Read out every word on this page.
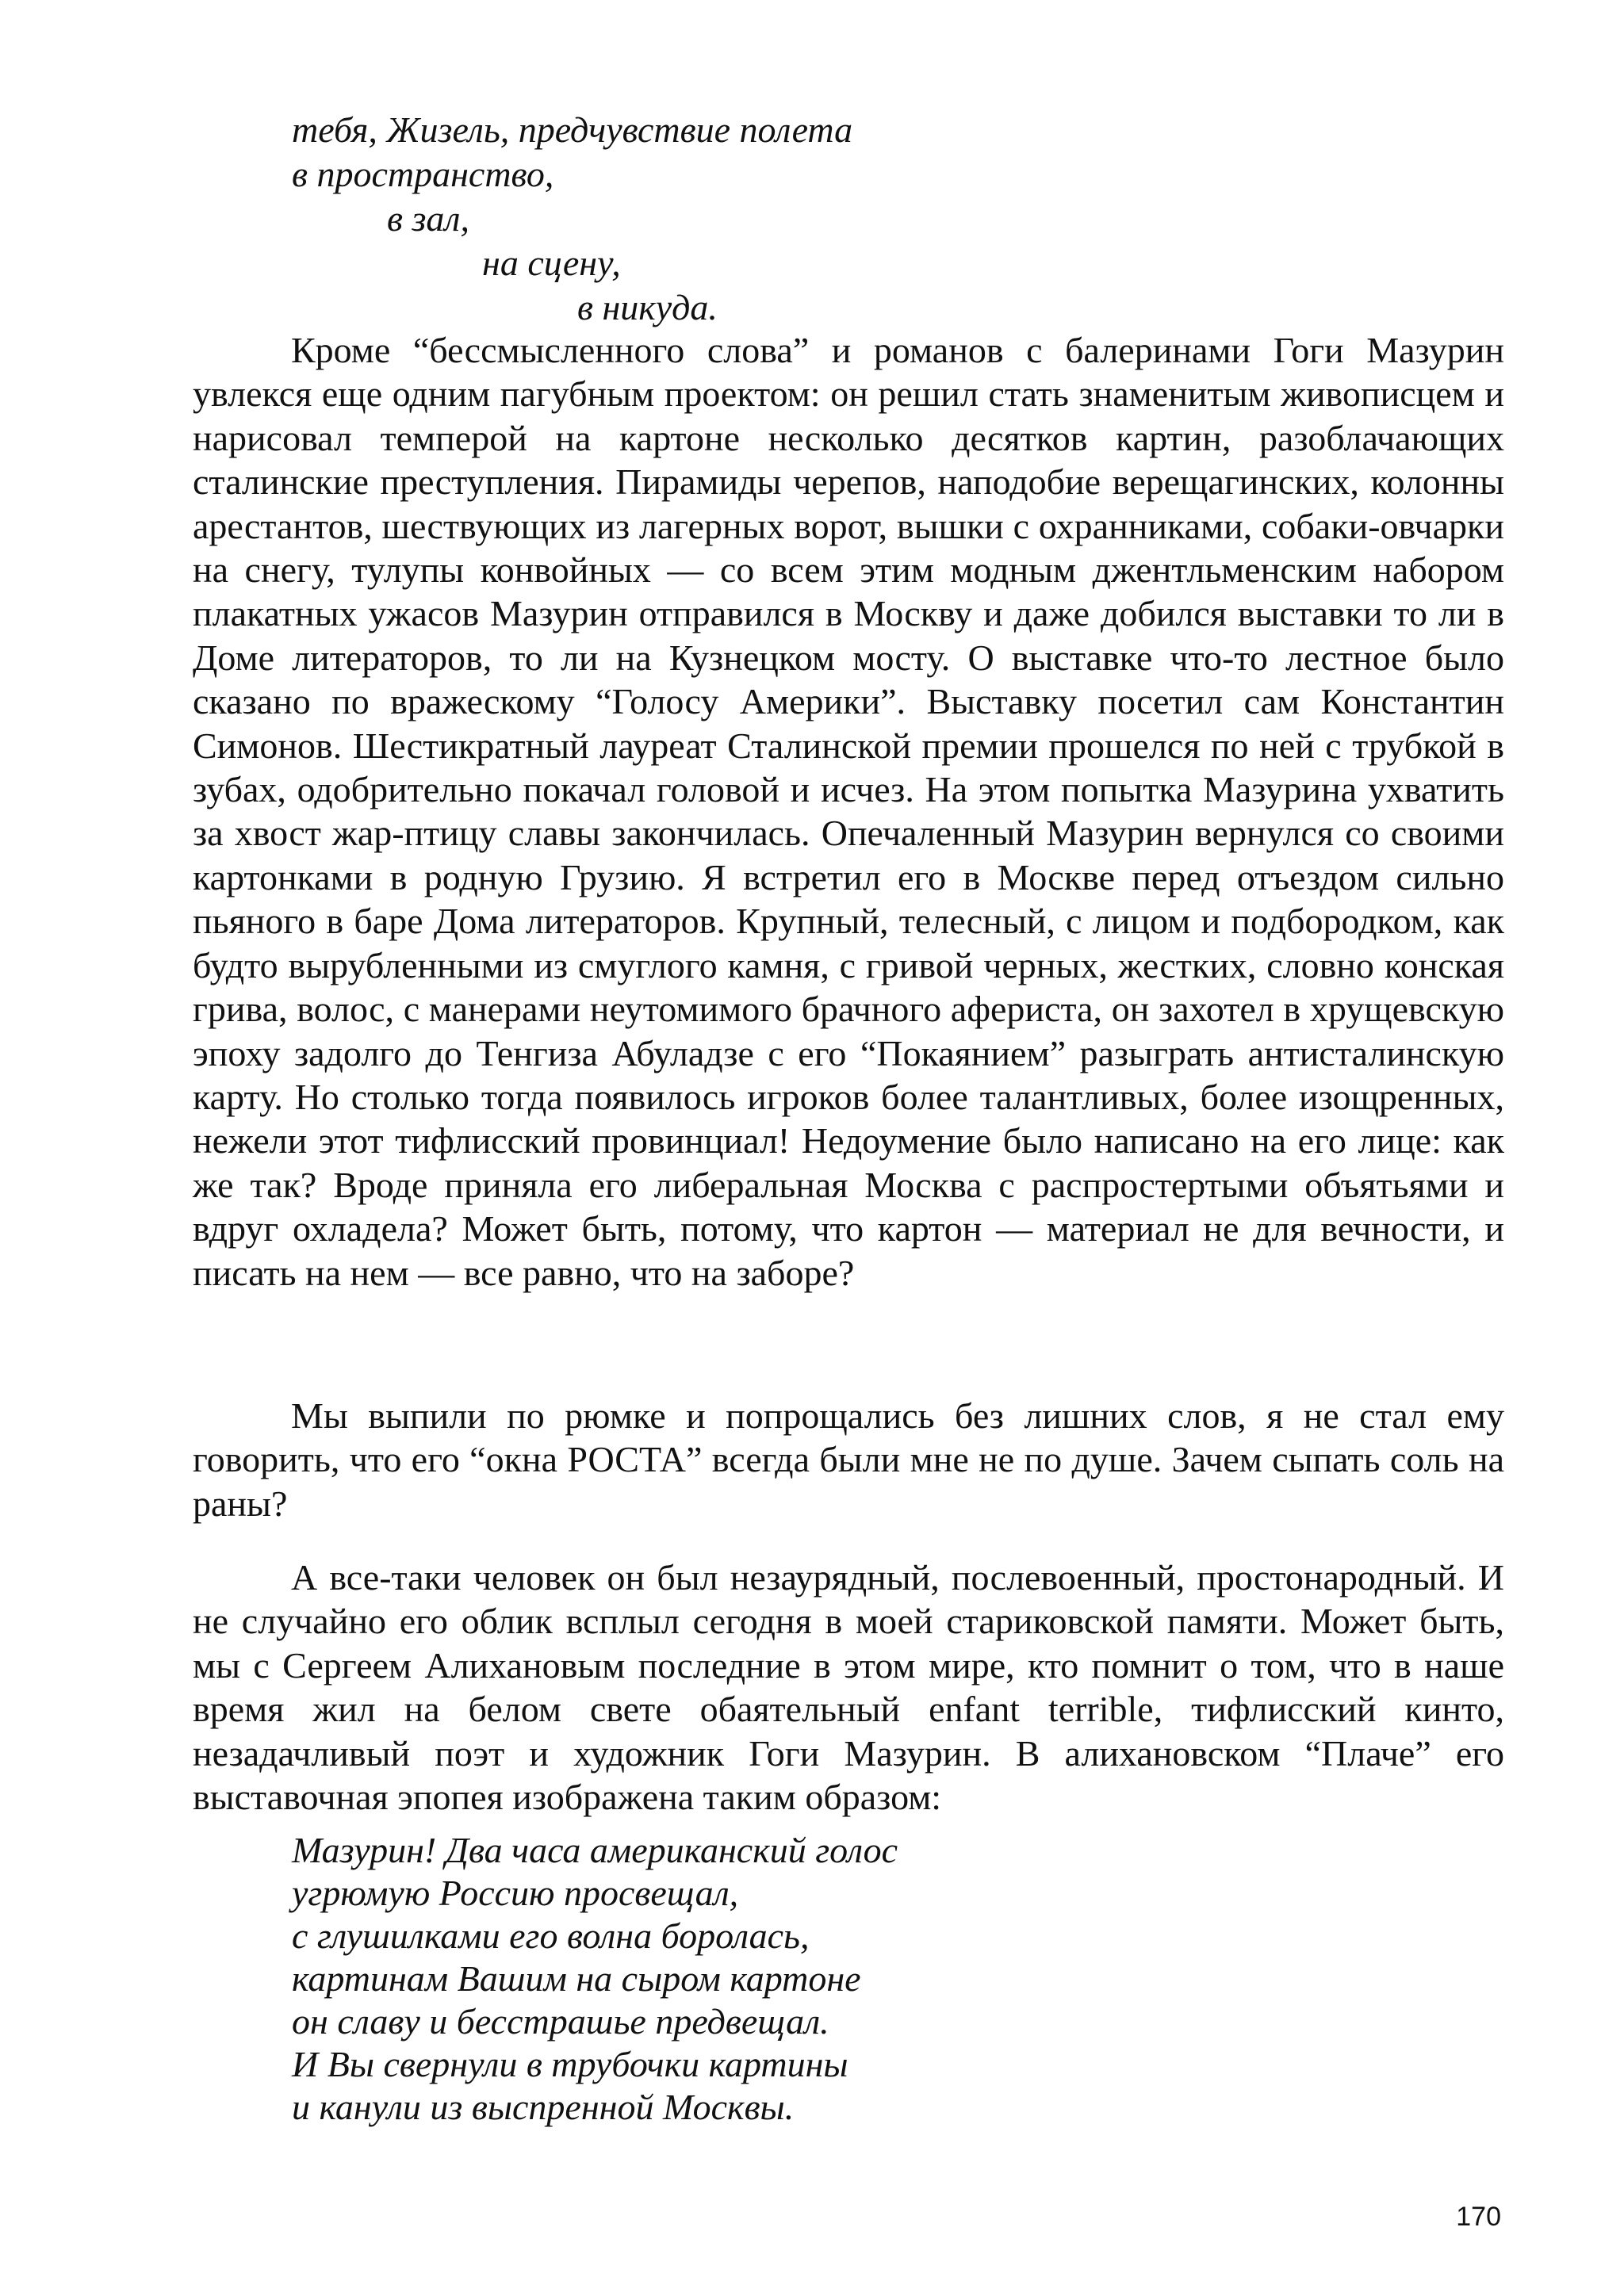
тебя, Жизель, предчувствие полета
в пространство,
в зал,
на сцену,
в никуда.

Кроме “бессмысленного слова” и романов с балеринами Гоги Мазурин увлекся еще одним пагубным проектом: он решил стать знаменитым живописцем и нарисовал темперой на картоне несколько десятков картин, разоблачающих сталинские преступления. Пирамиды черепов, наподобие верещагинских, колонны арестантов, шествующих из лагерных ворот, вышки с охранниками, собаки-овчарки на снегу, тулупы конвойных — со всем этим модным джентльменским набором плакатных ужасов Мазурин отправился в Москву и даже добился выставки то ли в Доме литераторов, то ли на Кузнецком мосту. О выставке что-то лестное было сказано по вражескому “Голосу Америки”. Выставку посетил сам Константин Симонов. Шестикратный лауреат Сталинской премии прошелся по ней с трубкой в зубах, одобрительно покачал головой и исчез. На этом попытка Мазурина ухватить за хвост жар-птицу славы закончилась. Опечаленный Мазурин вернулся со своими картонками в родную Грузию. Я встретил его в Москве перед отъездом сильно пьяного в баре Дома литераторов. Крупный, телесный, с лицом и подбородком, как будто вырубленными из смуглого камня, с гривой черных, жестких, словно конская грива, волос, с манерами неутомимого брачного афериста, он захотел в хрущевскую эпоху задолго до Тенгиза Абуладзе с его “Покаянием” разыграть антисталинскую карту. Но столько тогда появилось игроков более талантливых, более изощренных, нежели этот тифлисский провинциал! Недоумение было написано на его лице: как же так? Вроде приняла его либеральная Москва с распростертыми объятьями и вдруг охладела? Может быть, потому, что картон — материал не для вечности, и писать на нем — все равно, что на заборе?

Мы выпили по рюмке и попрощались без лишних слов, я не стал ему говорить, что его “окна РОСТА” всегда были мне не по душе. Зачем сыпать соль на раны?

А все-таки человек он был незаурядный, послевоенный, простонародный. И не случайно его облик всплыл сегодня в моей стариковской памяти. Может быть, мы с Сергеем Алихановым последние в этом мире, кто помнит о том, что в наше время жил на белом свете обаятельный enfant terrible, тифлисский кинто, незадачливый поэт и художник Гоги Мазурин. В алихановском “Плаче” его выставочная эпопея изображена таким образом:

Мазурин! Два часа американский голос
угрюмую Россию просвещал,
с глушилками его волна боролась,
картинам Вашим на сыром картоне
он славу и бесстрашье предвещал.
И Вы свернули в трубочки картины
и канули из выспренной Москвы.
170
